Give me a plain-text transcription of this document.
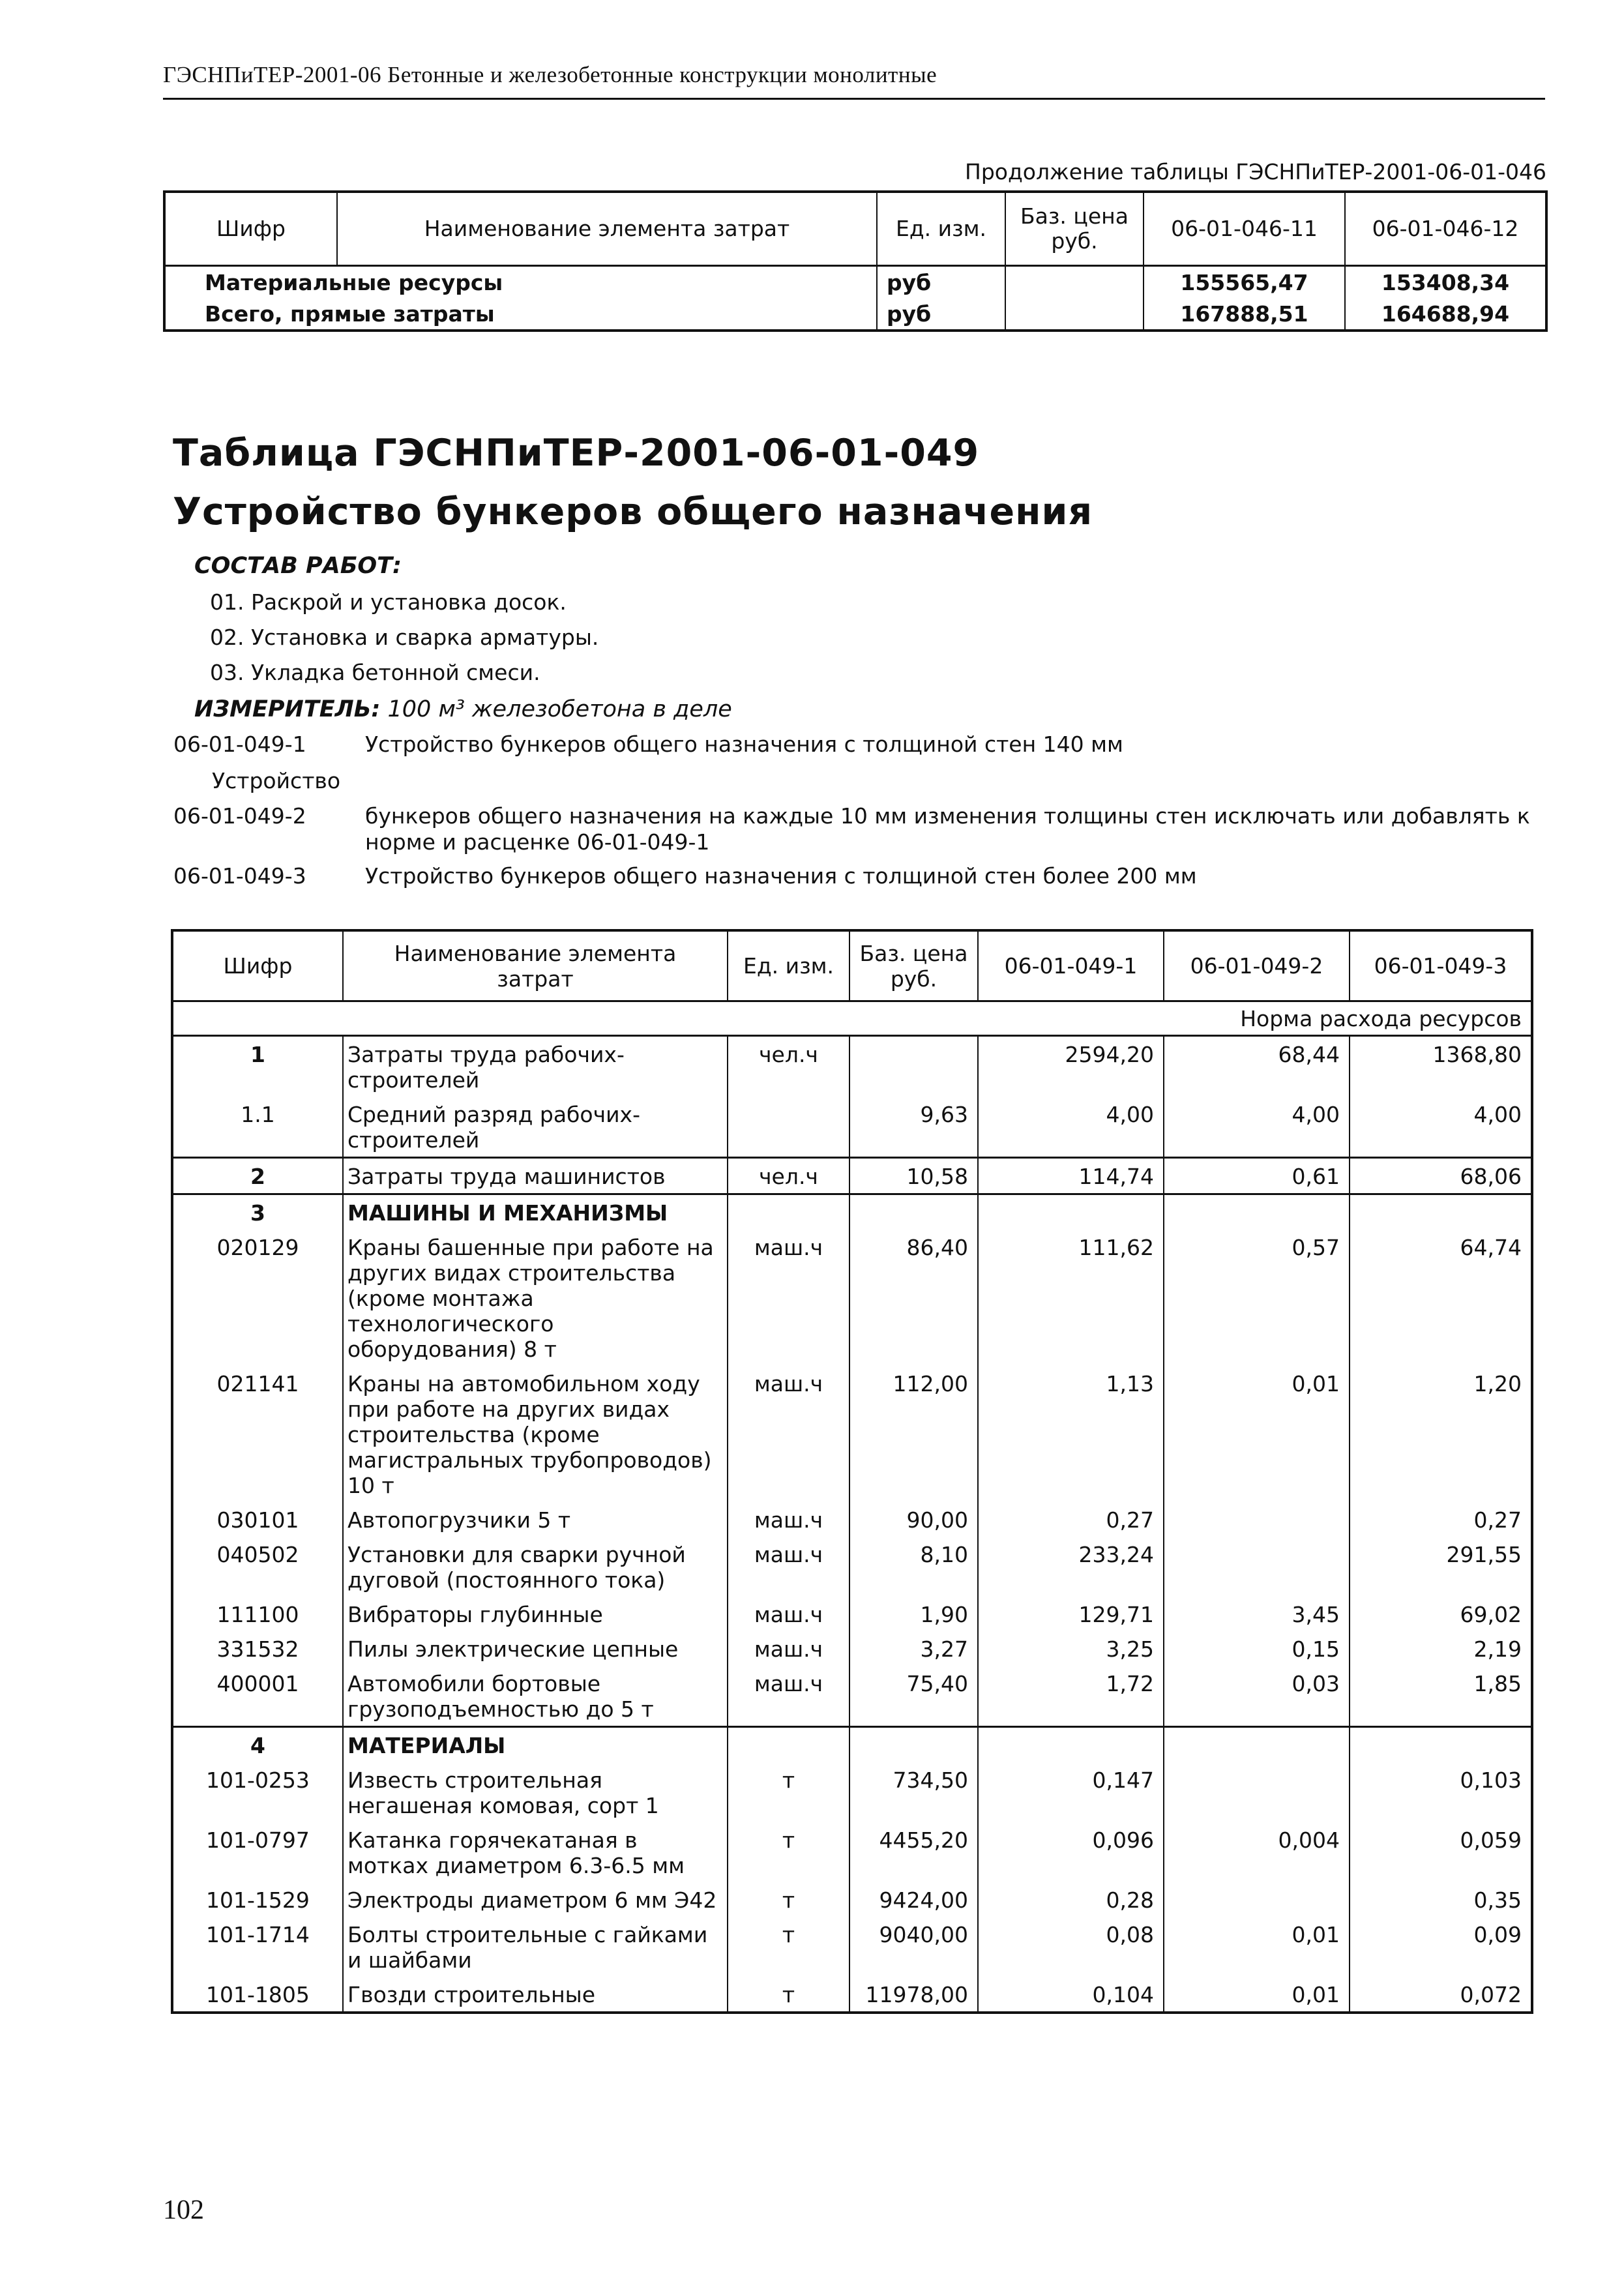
ГЭСНПиТЕР-2001-06 Бетонные и железобетонные конструкции монолитные
Продолжение таблицы ГЭСНПиТЕР-2001-06-01-046
Шифр	Наименование элемента затрат	Ед. изм.	Баз. цена руб.	06-01-046-11	06-01-046-12
Материальные ресурсы		руб		155565,47	153408,34
Всего, прямые затраты		руб		167888,51	164688,94
Таблица ГЭСНПиТЕР-2001-06-01-049
Устройство бункеров общего назначения
СОСТАВ РАБОТ:
01. Раскрой и установка досок.
02. Установка и сварка арматуры.
03. Укладка бетонной смеси.
ИЗМЕРИТЕЛЬ: 100 м³ железобетона в деле
06-01-049-1	Устройство бункеров общего назначения с толщиной стен 140 мм
Устройство
06-01-049-2	бункеров общего назначения на каждые 10 мм изменения толщины стен исключать или добавлять к норме и расценке 06-01-049-1
06-01-049-3	Устройство бункеров общего назначения с толщиной стен более 200 мм
Шифр	Наименование элемента затрат	Ед. изм.	Баз. цена руб.	06-01-049-1	06-01-049-2	06-01-049-3
Норма расхода ресурсов						
1	Затраты труда рабочих-строителей	чел.ч		2594,20	68,44	1368,80
1.1	Средний разряд рабочих-строителей		9,63	4,00	4,00	4,00
2	Затраты труда машинистов	чел.ч	10,58	114,74	0,61	68,06
3	МАШИНЫ И МЕХАНИЗМЫ					
020129	Краны башенные при работе на других видах строительства (кроме монтажа технологического оборудования) 8 т	маш.ч	86,40	111,62	0,57	64,74
021141	Краны на автомобильном ходу при работе на других видах строительства (кроме магистральных трубопроводов) 10 т	маш.ч	112,00	1,13	0,01	1,20
030101	Автопогрузчики 5 т	маш.ч	90,00	0,27		0,27
040502	Установки для сварки ручной дуговой (постоянного тока)	маш.ч	8,10	233,24		291,55
111100	Вибраторы глубинные	маш.ч	1,90	129,71	3,45	69,02
331532	Пилы электрические цепные	маш.ч	3,27	3,25	0,15	2,19
400001	Автомобили бортовые грузоподъемностью до 5 т	маш.ч	75,40	1,72	0,03	1,85
4	МАТЕРИАЛЫ					
101-0253	Известь строительная негашеная комовая, сорт 1	т	734,50	0,147		0,103
101-0797	Катанка горячекатаная в мотках диаметром 6.3-6.5 мм	т	4455,20	0,096	0,004	0,059
101-1529	Электроды диаметром 6 мм Э42	т	9424,00	0,28		0,35
101-1714	Болты строительные с гайками и шайбами	т	9040,00	0,08	0,01	0,09
101-1805	Гвозди строительные	т	11978,00	0,104	0,01	0,072
102
